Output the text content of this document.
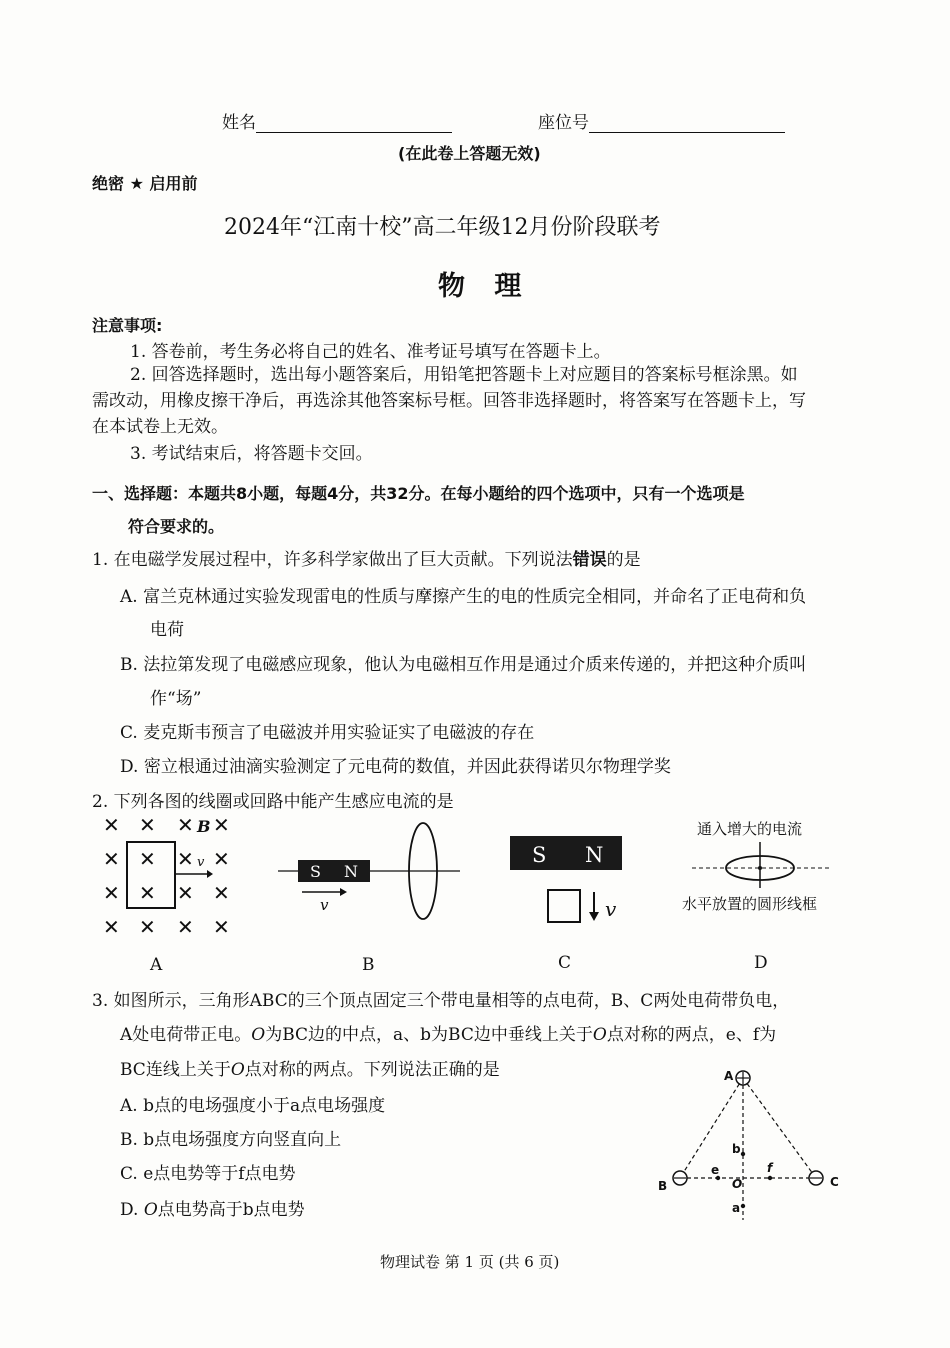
姓名	座位号
(在此卷上答题无效)
绝密 ★ 启用前
2024年“江南十校”高二年级12月份阶段联考
物 理
注意事项:
1. 答卷前，考生务必将自己的姓名、准考证号填写在答题卡上。
2. 回答选择题时，选出每小题答案后，用铅笔把答题卡上对应题目的答案标号框涂黑。如
需改动，用橡皮擦干净后，再选涂其他答案标号框。回答非选择题时，将答案写在答题卡上，写
在本试卷上无效。
3. 考试结束后，将答题卡交回。
一、选择题：本题共8小题，每题4分，共32分。在每小题给的四个选项中，只有一个选项是
符合要求的。
1. 在电磁学发展过程中，许多科学家做出了巨大贡献。下列说法错误的是
A. 富兰克林通过实验发现雷电的性质与摩擦产生的电的性质完全相同，并命名了正电荷和负
电荷
B. 法拉第发现了电磁感应现象，他认为电磁相互作用是通过介质来传递的，并把这种介质叫
作“场”
C. 麦克斯韦预言了电磁波并用实验证实了电磁波的存在
D. 密立根通过油滴实验测定了元电荷的数值，并因此获得诺贝尔物理学奖
2. 下列各图的线圈或回路中能产生感应电流的是
✕ ✕ ✕ ✕
✕ ✕ ✕ ✕
✕ ✕ ✕ ✕
✕ ✕ ✕ ✕
B
v
A
S N
v
B
S N
v
C
通入增大的电流
水平放置的圆形线框
D
3. 如图所示，三角形ABC的三个顶点固定三个带电量相等的点电荷，B、C两处电荷带负电，
A处电荷带正电。O为BC边的中点，a、b为BC边中垂线上关于O点对称的两点，e、f为
BC连线上关于O点对称的两点。下列说法正确的是
A. b点的电场强度小于a点电场强度
B. b点电场强度方向竖直向上
C. e点电势等于f点电势
D. O点电势高于b点电势
A
B	C
O
b
a
e	f
物理试卷 第 1 页 (共 6 页)
